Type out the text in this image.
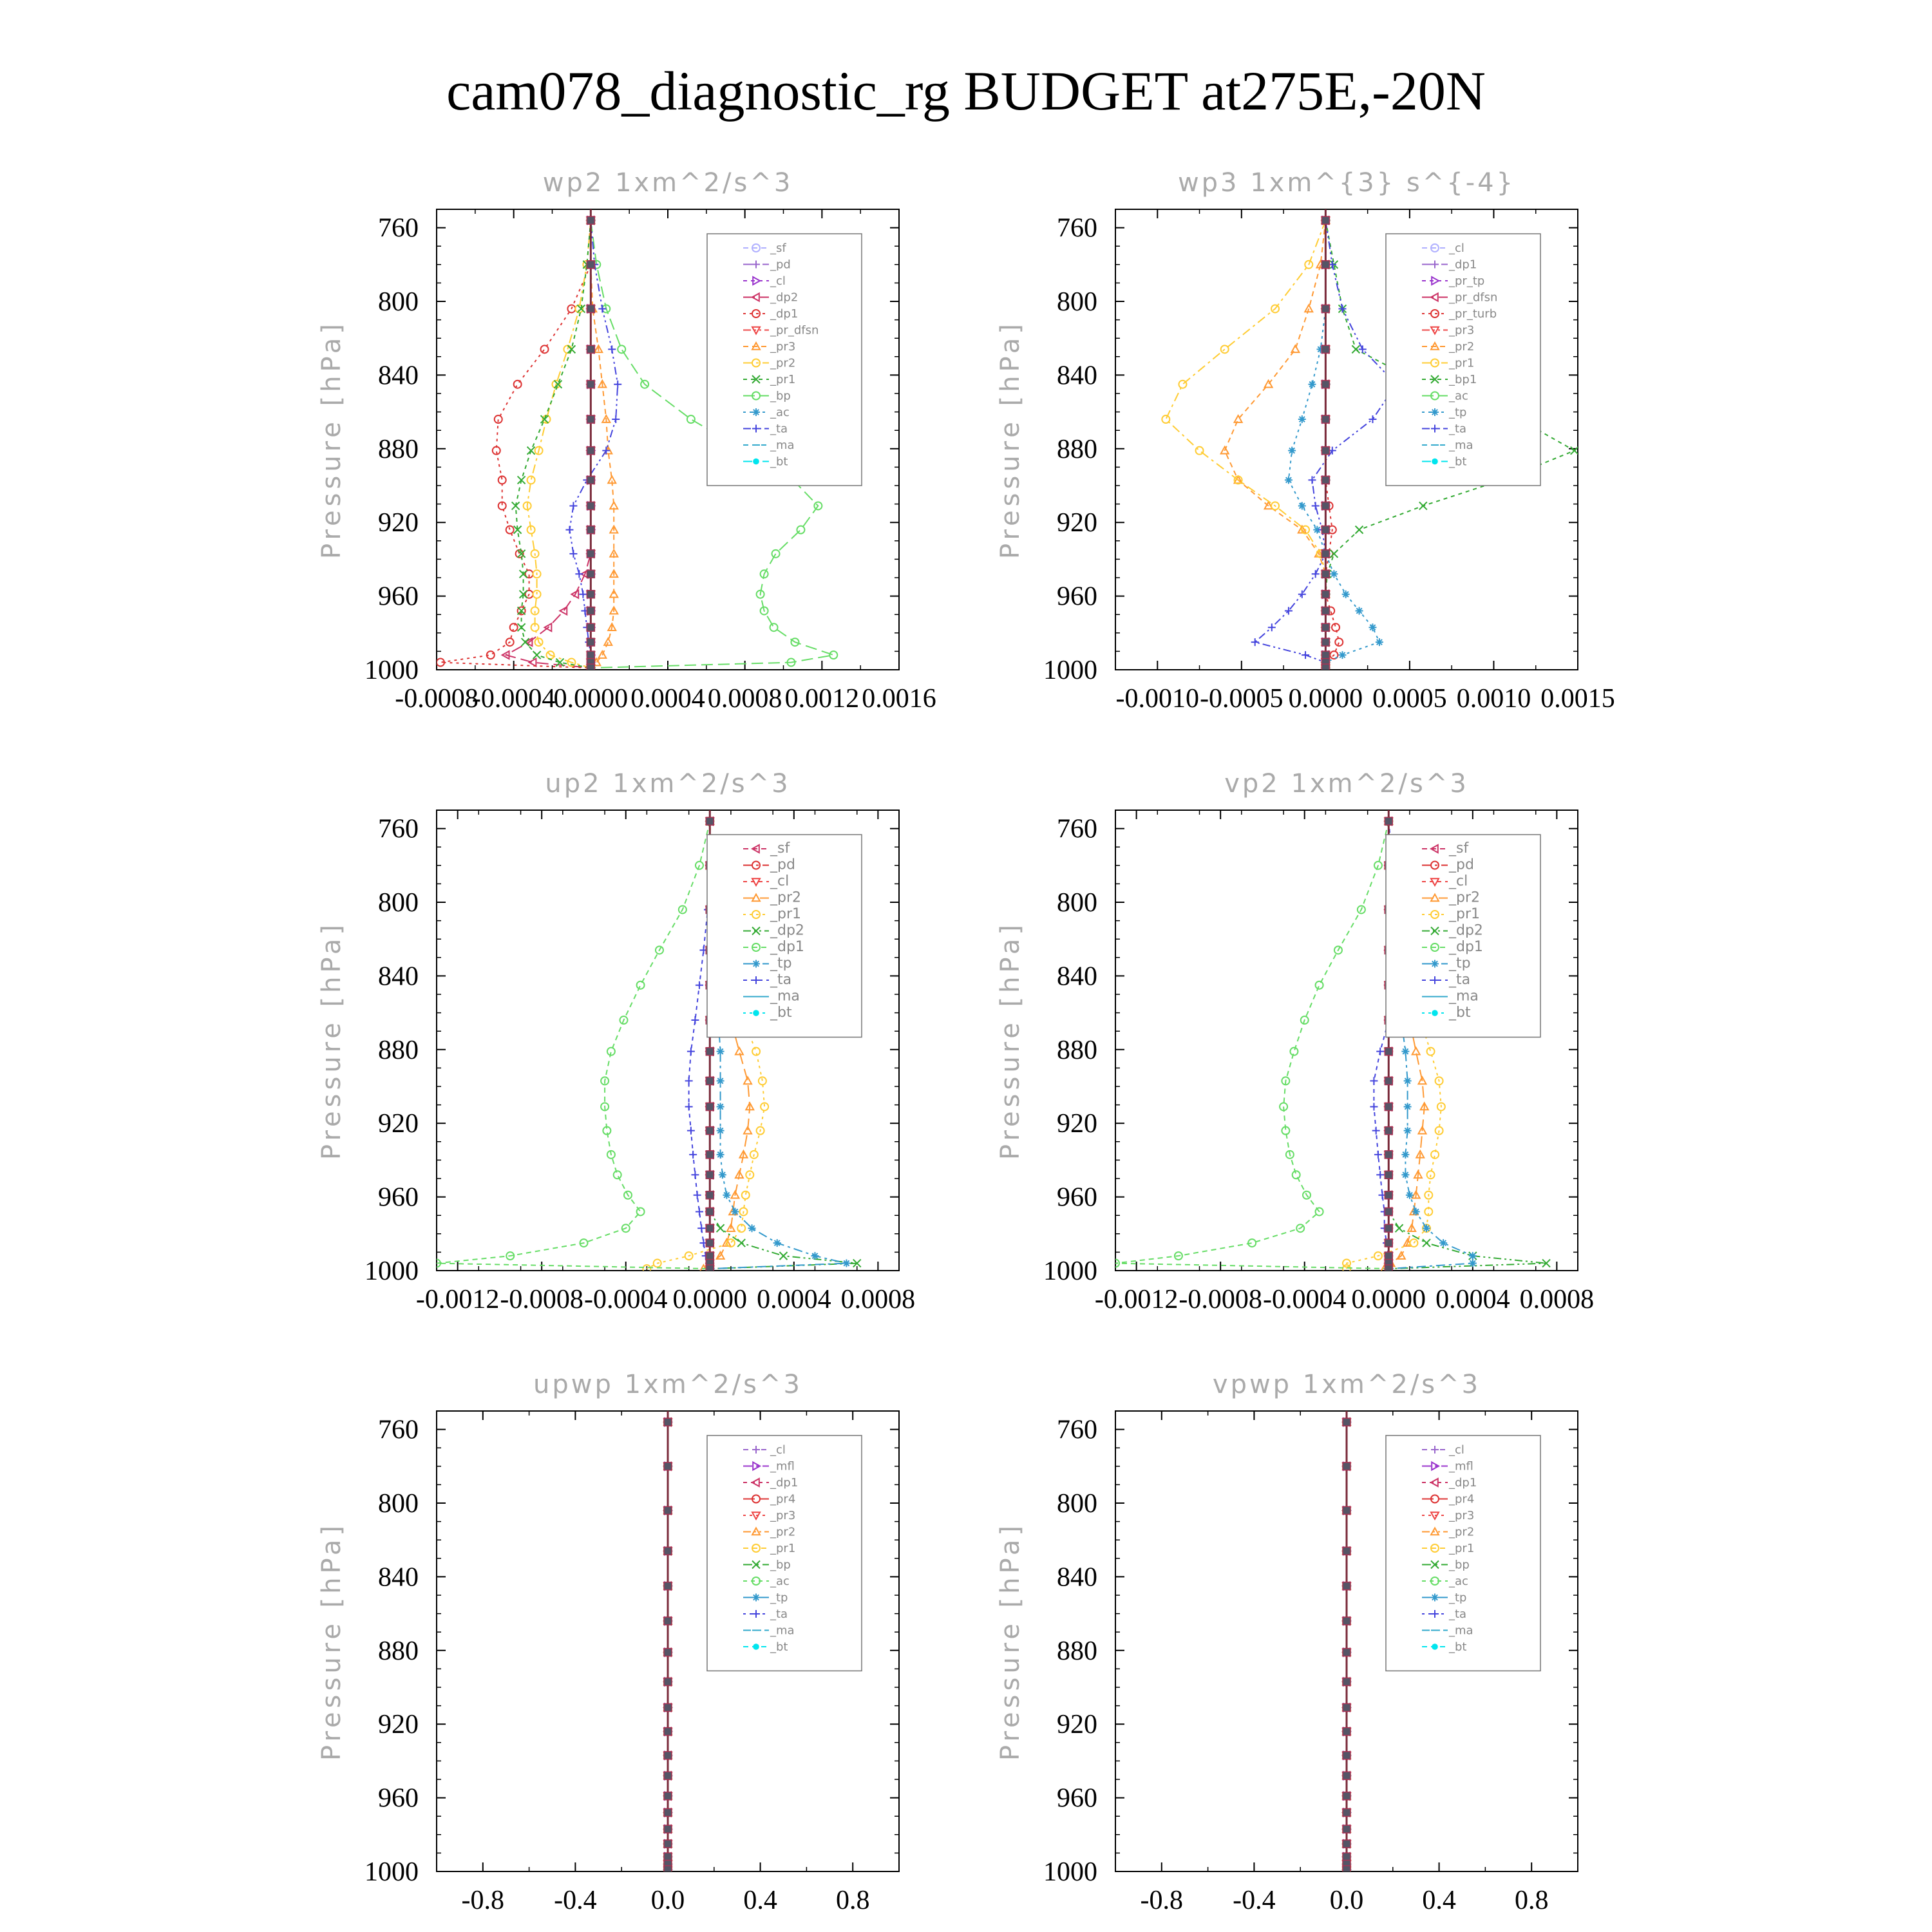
cam078_diagnostic_rg BUDGET at275E,-20N
wp2 1xm^2/s^3
Pressure [hPa]
760
800
840
880
920
960
1000
-0.0008
-0.0004
0.0000 0.0004 0.0008 0.0012 0.0016
_sf
_pd
_cl
_dp2
_dp1
_pr_dfsn
_pr3
_pr2
_pr1
_bp
_ac
_ta
_ma
_bt
wp3 1xm^{3} s^{-4}
Pressure [hPa]
760
800
840
880
920
960
1000
-0.0010 -0.0005 0.0000 0.0005 0.0010 0.0015
_cl
_dp1
_pr_tp
_pr_dfsn
_pr_turb
_pr3
_pr2
_pr1
_bp1
_ac
_tp
_ta
_ma
_bt
up2 1xm^2/s^3
Pressure [hPa]
760
800
840
880
920
960
1000
-0.0012 -0.0008 -0.0004 0.0000 0.0004 0.0008
_sf
_pd
_cl
_pr2
_pr1
_dp2
_dp1
_tp
_ta
_ma
_bt
vp2 1xm^2/s^3
Pressure [hPa]
760
800
840
880
920
960
1000
-0.0012 -0.0008 -0.0004 0.0000 0.0004 0.0008
_sf
_pd
_cl
_pr2
_pr1
_dp2
_dp1
_tp
_ta
_ma
_bt
upwp 1xm^2/s^3
Pressure [hPa]
760
800
840
880
920
960
1000
-0.8 -0.4 0.0 0.4 0.8
_cl
_mfl
_dp1
_pr4
_pr3
_pr2
_pr1
_bp
_ac
_tp
_ta
_ma
_bt
vpwp 1xm^2/s^3
Pressure [hPa]
760
800
840
880
920
960
1000
-0.8 -0.4 0.0 0.4 0.8
_cl
_mfl
_dp1
_pr4
_pr3
_pr2
_pr1
_bp
_ac
_tp
_ta
_ma
_bt
